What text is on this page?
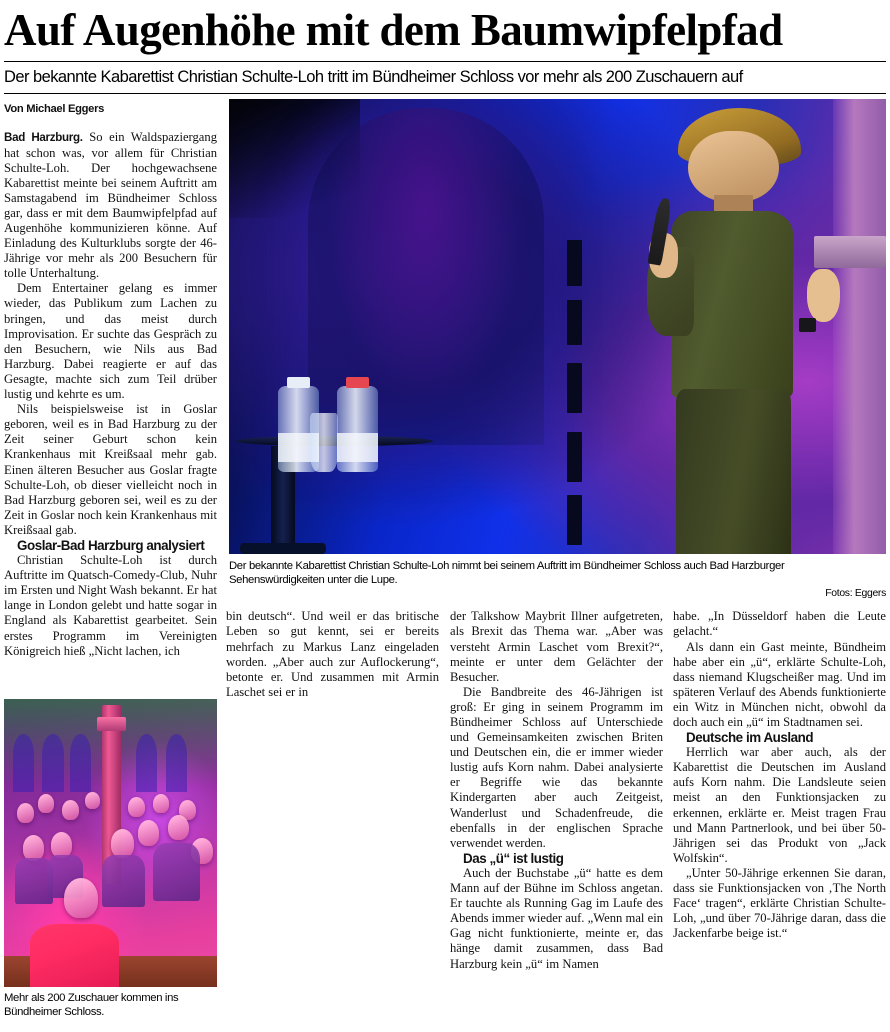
Auf Augenhöhe mit dem Baumwipfelpfad
Der bekannte Kabarettist Christian Schulte-Loh tritt im Bündheimer Schloss vor mehr als 200 Zuschauern auf
Von Michael Eggers

Bad Harzburg. So ein Waldspaziergang hat schon was, vor allem für Christian Schulte-Loh. Der hochgewachsene Kabarettist meinte bei seinem Auftritt am Samstagabend im Bündheimer Schloss gar, dass er mit dem Baumwipfelpfad auf Augenhöhe kommunizieren könne. Auf Einladung des Kulturklubs sorgte der 46-Jährige vor mehr als 200 Besuchern für tolle Unterhaltung.

Dem Entertainer gelang es immer wieder, das Publikum zum Lachen zu bringen, und das meist durch Improvisation. Er suchte das Gespräch zu den Besuchern, wie Nils aus Bad Harzburg. Dabei reagierte er auf das Gesagte, machte sich zum Teil drüber lustig und kehrte es um.

Nils beispielsweise ist in Goslar geboren, weil es in Bad Harzburg zu der Zeit seiner Geburt schon kein Krankenhaus mit Kreißsaal mehr gab. Einen älteren Besucher aus Goslar fragte Schulte-Loh, ob dieser vielleicht noch in Bad Harzburg geboren sei, weil es zu der Zeit in Goslar noch kein Krankenhaus mit Kreißsaal gab.

Goslar-Bad Harzburg analysiert

Christian Schulte-Loh ist durch Auftritte im Quatsch-Comedy-Club, Nuhr im Ersten und Night Wash bekannt. Er hat lange in London gelebt und hatte sogar in England als Kabarettist gearbeitet. Sein erstes Programm im Vereinigten Königreich hieß „Nicht lachen, ich

Der bekannte Kabarettist Christian Schulte-Loh nimmt bei seinem Auftritt im Bündheimer Schloss auch Bad Harzburger Sehenswürdigkeiten unter die Lupe.
Fotos: Eggers

bin deutsch“. Und weil er das britische Leben so gut kennt, sei er bereits mehrfach zu Markus Lanz eingeladen worden. „Aber auch zur Auflockerung“, betonte er. Und zusammen mit Armin Laschet sei er in

der Talkshow Maybrit Illner aufgetreten, als Brexit das Thema war. „Aber was versteht Armin Laschet vom Brexit?“, meinte er unter dem Gelächter der Besucher.

Die Bandbreite des 46-Jährigen ist groß: Er ging in seinem Programm im Bündheimer Schloss auf Unterschiede und Gemeinsamkeiten zwischen Briten und Deutschen ein, die er immer wieder lustig aufs Korn nahm. Dabei analysierte er Begriffe wie das bekannte Kindergarten aber auch Zeitgeist, Wanderlust und Schadenfreude, die ebenfalls in der englischen Sprache verwendet werden.

Das „ü“ ist lustig

Auch der Buchstabe „ü“ hatte es dem Mann auf der Bühne im Schloss angetan. Er tauchte als Running Gag im Laufe des Abends immer wieder auf. „Wenn mal ein Gag nicht funktionierte, meinte er, das hänge damit zusammen, dass Bad Harzburg kein „ü“ im Namen

habe. „In Düsseldorf haben die Leute gelacht.“

Als dann ein Gast meinte, Bündheim habe aber ein „ü“, erklärte Schulte-Loh, dass niemand Klugscheißer mag. Und im späteren Verlauf des Abends funktionierte ein Witz in München nicht, obwohl da doch auch ein „ü“ im Stadtnamen sei.

Deutsche im Ausland

Herrlich war aber auch, als der Kabarettist die Deutschen im Ausland aufs Korn nahm. Die Landsleute seien meist an den Funktionsjacken zu erkennen, erklärte er. Meist tragen Frau und Mann Partnerlook, und bei über 50-Jährigen sei das Produkt von „Jack Wolfskin“.

„Unter 50-Jährige erkennen Sie daran, dass sie Funktionsjacken von ‚The North Face‘ tragen“, erklärte Christian Schulte-Loh, „und über 70-Jährige daran, dass die Jackenfarbe beige ist.“

Mehr als 200 Zuschauer kommen ins Bündheimer Schloss.
